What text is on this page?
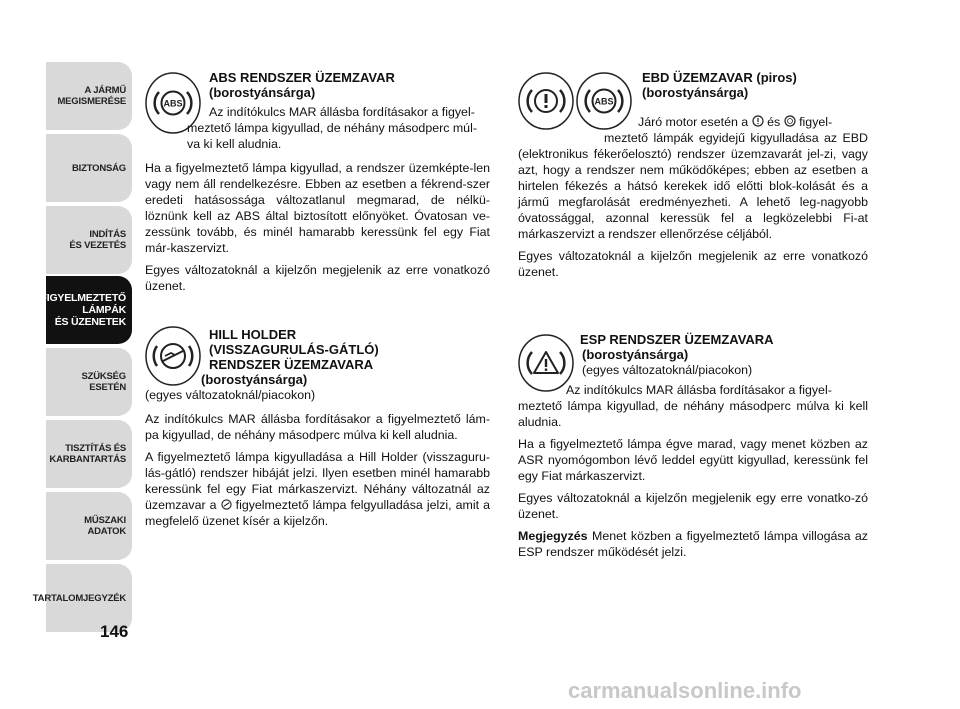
A JÁRMŰ
MEGISMERÉSE
BIZTONSÁG
INDÍTÁS
ÉS VEZETÉS
FIGYELMEZTETŐ
LÁMPÁK
ÉS ÜZENETEK
SZÜKSÉG
ESETÉN
TISZTÍTÁS ÉS
KARBANTARTÁS
MŰSZAKI
ADATOK
TARTALOMJEGYZÉK
146
ABS
ABS RENDSZER ÜZEMZAVAR
(borostyánsárga)
Az indítókulcs MAR állásba fordításakor a figyel-
meztető lámpa kigyullad, de néhány másodperc múl-
va ki kell aludnia.

Ha a figyelmeztető lámpa kigyullad, a rendszer üzemképte-len vagy nem áll rendelkezésre. Ebben az esetben a fékrend-szer eredeti hatásossága változatlanul megmarad, de nélkü-löznünk kell az ABS által biztosított előnyöket. Óvatosan ve-zessünk tovább, és minél hamarabb keressünk fel egy Fiat már-kaszervizt.

Egyes változatoknál a kijelzőn megjelenik az erre vonatkozó üzenet.

HILL HOLDER
(VISSZAGURULÁS-GÁTLÓ)
RENDSZER ÜZEMZAVARA
(borostyánsárga)
(egyes változatoknál/piacokon)

Az indítókulcs MAR állásba fordításakor a figyelmeztető lám-pa kigyullad, de néhány másodperc múlva ki kell aludnia.

A figyelmeztető lámpa kigyulladása a Hill Holder (visszaguru-lás-gátló) rendszer hibáját jelzi. Ilyen esetben minél hamarabb keressünk fel egy Fiat márkaszervizt. Néhány változatnál az üzemzavar a figyelmeztető lámpa felgyulladása jelzi, amit a megfelelő üzenet kísér a kijelzőn.

ABS
EBD ÜZEMZAVAR (piros)
(borostyánsárga)
Járó motor esetén a és figyel-

meztető lámpák egyidejű kigyulladása az EBD (elektronikus fékerőelosztó) rendszer üzemzavarát jel-zi, vagy azt, hogy a rendszer nem működőképes; ebben az esetben a hirtelen fékezés a hátsó kerekek idő előtti blok-kolását és a jármű megfarolását eredményezheti. A lehető leg-nagyobb óvatossággal, azonnal keressük fel a legközelebbi Fi-at márkaszervizt a rendszer ellenőrzése céljából.

Egyes változatoknál a kijelzőn megjelenik az erre vonatkozó üzenet.

ESP RENDSZER ÜZEMZAVARA
(borostyánsárga)
(egyes változatoknál/piacokon)
Az indítókulcs MAR állásba fordításakor a figyel-

meztető lámpa kigyullad, de néhány másodperc múlva ki kell aludnia.

Ha a figyelmeztető lámpa égve marad, vagy menet közben az ASR nyomógombon lévő leddel együtt kigyullad, keressünk fel egy Fiat márkaszervizt.

Egyes változatoknál a kijelzőn megjelenik egy erre vonatko-zó üzenet.

Megjegyzés Menet közben a figyelmeztető lámpa villogása az ESP rendszer működését jelzi.

carmanualsonline.info
